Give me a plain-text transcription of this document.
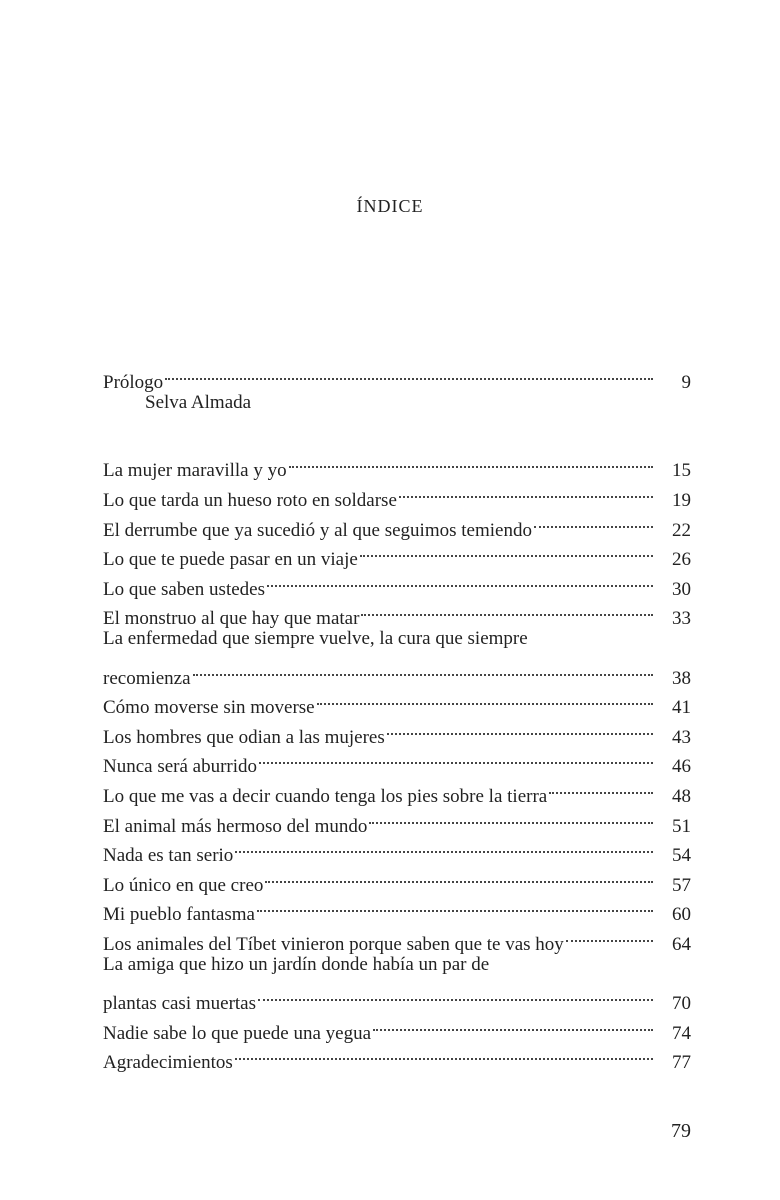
ÍNDICE
Prólogo	9
Selva Almada
La mujer maravilla y yo	15
Lo que tarda un hueso roto en soldarse	19
El derrumbe que ya sucedió y al que seguimos temiendo	22
Lo que te puede pasar en un viaje	26
Lo que saben ustedes	30
El monstruo al que hay que matar	33
La enfermedad que siempre vuelve, la cura que siempre
recomienza	38
Cómo moverse sin moverse	41
Los hombres que odian a las mujeres	43
Nunca será aburrido	46
Lo que me vas a decir cuando tenga los pies sobre la tierra	48
El animal más hermoso del mundo	51
Nada es tan serio	54
Lo único en que creo	57
Mi pueblo fantasma	60
Los animales del Tíbet vinieron porque saben que te vas hoy	64
La amiga que hizo un jardín donde había un par de
plantas casi muertas	70
Nadie sabe lo que puede una yegua	74
Agradecimientos	77
79
